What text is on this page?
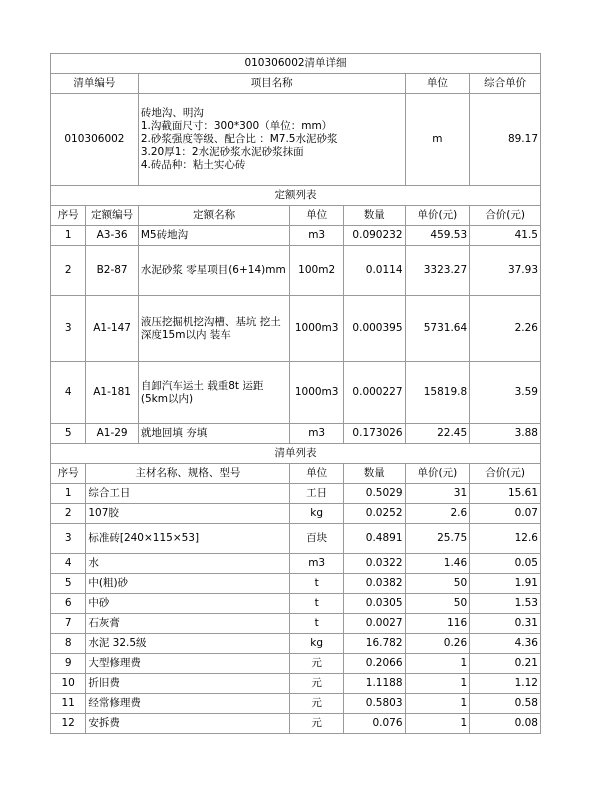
010306002清单详细						
清单编号		项目名称			单位	综合单价
010306002		砖地沟、明沟
1.沟截面尺寸：300*300（单位：mm）
2.砂浆强度等级、配合比 ：M7.5水泥砂浆
3.20厚1：2水泥砂浆水泥砂浆抹面
4.砖品种：粘土实心砖			m	89.17
定额列表						
序号	定额编号	定额名称	单位	数量	单价(元)	合价(元)
1	A3-36	M5砖地沟	m3	0.090232	459.53	41.5
2	B2-87	水泥砂浆 零星项目(6+14)mm	100m2	0.0114	3323.27	37.93
3	A1-147	液压挖掘机挖沟槽、基坑 挖土深度15m以内 装车	1000m3	0.000395	5731.64	2.26
4	A1-181	自卸汽车运土 载重8t 运距(5km以内)	1000m3	0.000227	15819.8	3.59
5	A1-29	就地回填 夯填	m3	0.173026	22.45	3.88
清单列表						
序号	主材名称、规格、型号		单位	数量	单价(元)	合价(元)
1	综合工日		工日	0.5029	31	15.61
2	107胶		kg	0.0252	2.6	0.07
3	标准砖[240×115×53]		百块	0.4891	25.75	12.6
4	水		m3	0.0322	1.46	0.05
5	中(粗)砂		t	0.0382	50	1.91
6	中砂		t	0.0305	50	1.53
7	石灰膏		t	0.0027	116	0.31
8	水泥 32.5级		kg	16.782	0.26	4.36
9	大型修理费		元	0.2066	1	0.21
10	折旧费		元	1.1188	1	1.12
11	经常修理费		元	0.5803	1	0.58
12	安拆费		元	0.076	1	0.08
